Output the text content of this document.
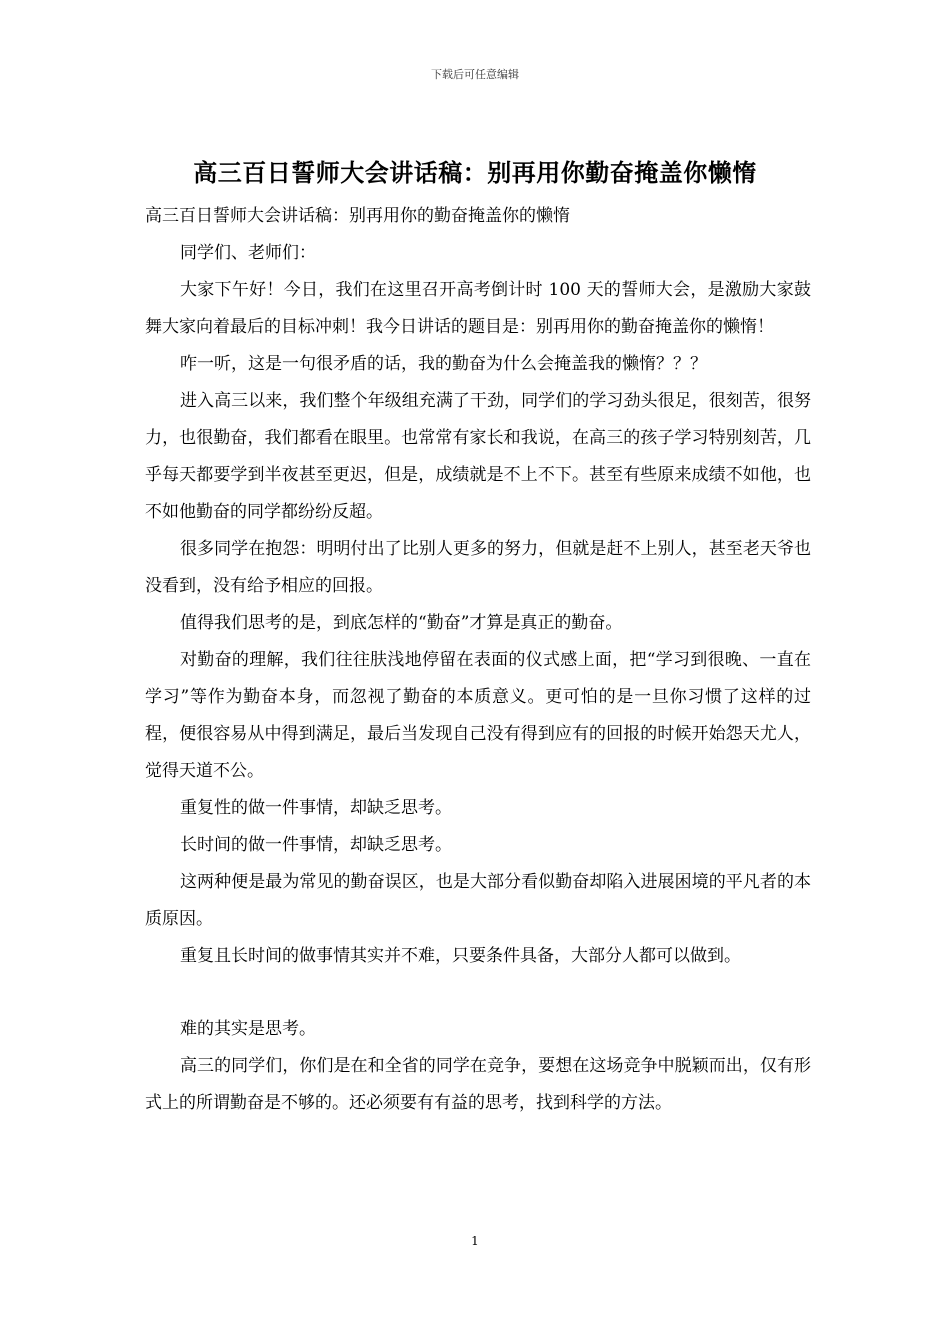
下载后可任意编辑
高三百日誓师大会讲话稿：别再用你勤奋掩盖你懒惰

高三百日誓师大会讲话稿：别再用你的勤奋掩盖你的懒惰

同学们、老师们：

大家下午好！今日，我们在这里召开高考倒计时 100 天的誓师大会，是激励大家鼓舞大家向着最后的目标冲刺！我今日讲话的题目是：别再用你的勤奋掩盖你的懒惰！

咋一听，这是一句很矛盾的话，我的勤奋为什么会掩盖我的懒惰？？？

进入高三以来，我们整个年级组充满了干劲，同学们的学习劲头很足，很刻苦，很努力，也很勤奋，我们都看在眼里。也常常有家长和我说，在高三的孩子学习特别刻苦，几乎每天都要学到半夜甚至更迟，但是，成绩就是不上不下。甚至有些原来成绩不如他，也不如他勤奋的同学都纷纷反超。

很多同学在抱怨：明明付出了比别人更多的努力，但就是赶不上别人，甚至老天爷也没看到，没有给予相应的回报。

值得我们思考的是，到底怎样的“勤奋”才算是真正的勤奋。

对勤奋的理解，我们往往肤浅地停留在表面的仪式感上面，把“学习到很晚、一直在学习”等作为勤奋本身，而忽视了勤奋的本质意义。更可怕的是一旦你习惯了这样的过程，便很容易从中得到满足，最后当发现自己没有得到应有的回报的时候开始怨天尤人，觉得天道不公。

重复性的做一件事情，却缺乏思考。

长时间的做一件事情，却缺乏思考。

这两种便是最为常见的勤奋误区，也是大部分看似勤奋却陷入进展困境的平凡者的本质原因。

重复且长时间的做事情其实并不难，只要条件具备，大部分人都可以做到。

难的其实是思考。

高三的同学们，你们是在和全省的同学在竞争，要想在这场竞争中脱颖而出，仅有形式上的所谓勤奋是不够的。还必须要有有益的思考，找到科学的方法。

1
